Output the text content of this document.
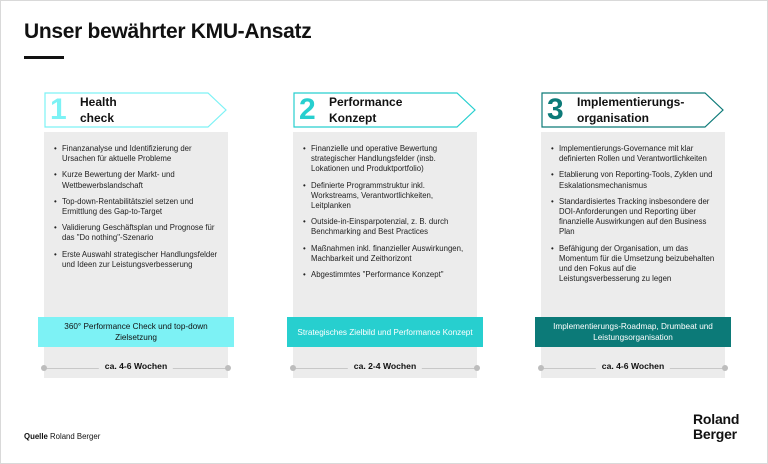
Unser bewährter KMU-Ansatz
1 Health
check
• Finanzanalyse und Identifizierung der Ursachen für aktuelle Probleme
• Kurze Bewertung der Markt- und Wettbewerbslandschaft
• Top-down-Rentabilitätsziel setzen und Ermittlung des Gap-to-Target
• Validierung Geschäftsplan und Prognose für das "Do nothing"-Szenario
• Erste Auswahl strategischer Handlungsfelder und Ideen zur Leistungsverbesserung
360° Performance Check und top-down Zielsetzung
ca. 4-6 Wochen
2 Performance
Konzept
• Finanzielle und operative Bewertung strategischer Handlungsfelder (insb. Lokationen und Produktportfolio)
• Definierte Programmstruktur inkl. Workstreams, Verantwortlichkeiten, Leitplanken
• Outside-in-Einsparpotenzial, z. B. durch Benchmarking and Best Practices
• Maßnahmen inkl. finanzieller Auswirkungen, Machbarkeit und Zeithorizont
• Abgestimmtes "Performance Konzept"
Strategisches Zielbild und Performance Konzept
ca. 2-4 Wochen
3 Implementierungs-
organisation
• Implementierungs-Governance mit klar definierten Rollen und Verantwortlichkeiten
• Etablierung von Reporting-Tools, Zyklen und Eskalationsmechanismus
• Standardisiertes Tracking insbesondere der DOI-Anforderungen und Reporting über finanzielle Auswirkungen auf den Business Plan
• Befähigung der Organisation, um das Momentum für die Umsetzung beizubehalten und den Fokus auf die Leistungsverbesserung zu legen
Implementierungs-Roadmap, Drumbeat und Leistungsorganisation
ca. 4-6 Wochen
Quelle Roland Berger
Roland
Berger
